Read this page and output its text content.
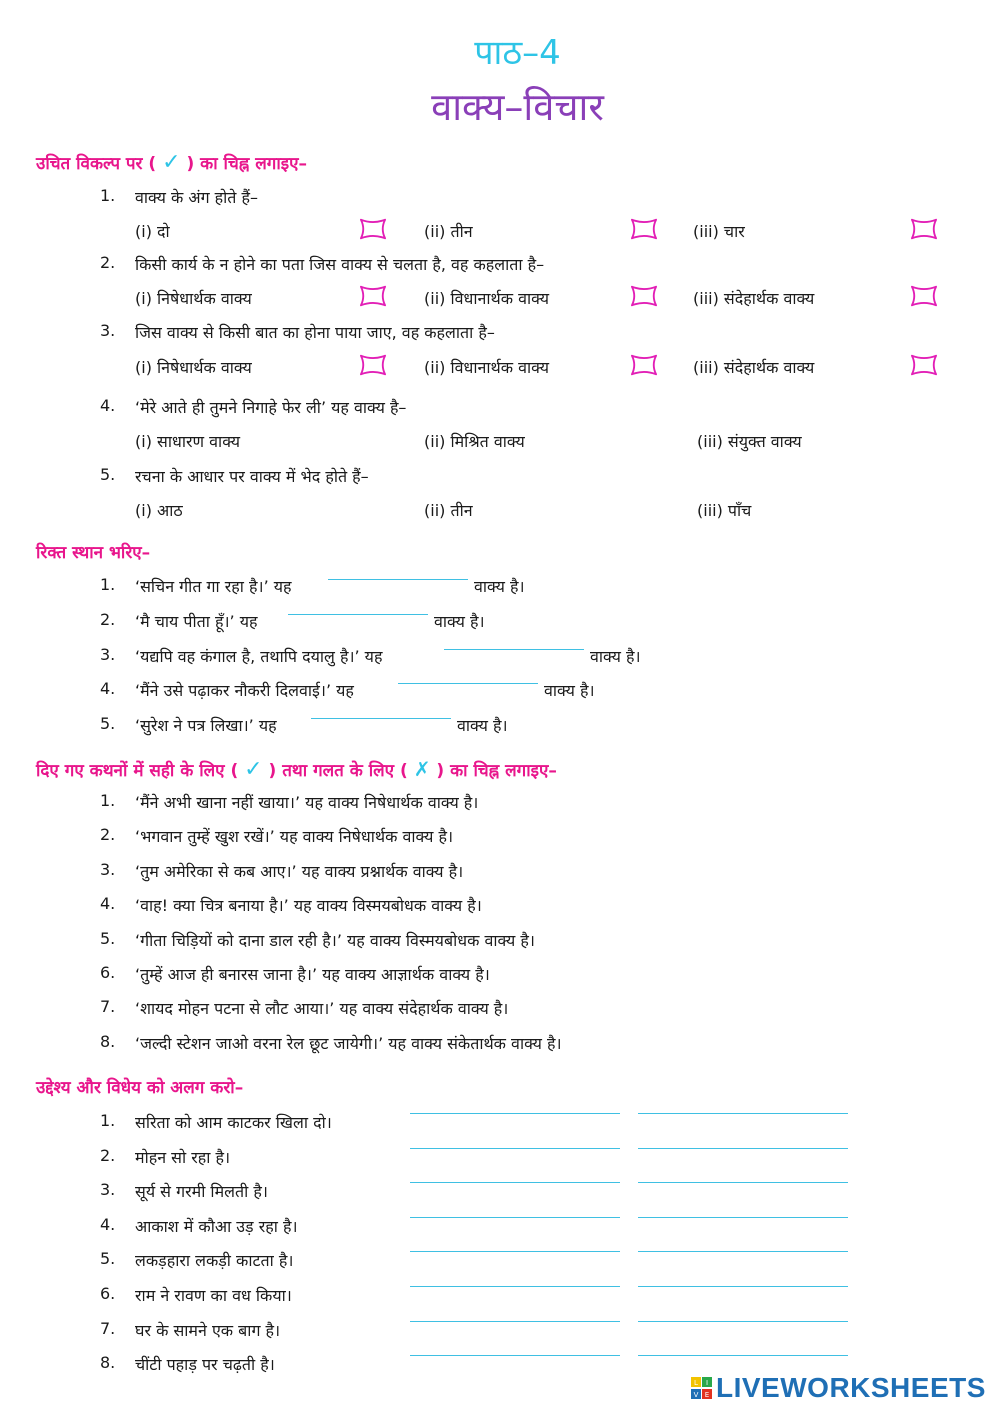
पाठ–4
वाक्य–विचार
उचित विकल्प पर ( ✓ ) का चिह्न लगाइए–
1. वाक्य के अंग होते हैं–
(i) दो	(ii) तीन	(iii) चार
2. किसी कार्य के न होने का पता जिस वाक्य से चलता है, वह कहलाता है–
(i) निषेधार्थक वाक्य	(ii) विधानार्थक वाक्य	(iii) संदेहार्थक वाक्य
3. जिस वाक्य से किसी बात का होना पाया जाए, वह कहलाता है–
(i) निषेधार्थक वाक्य	(ii) विधानार्थक वाक्य	(iii) संदेहार्थक वाक्य
4. ‘मेरे आते ही तुमने निगाहे फेर ली’ यह वाक्य है–
(i) साधारण वाक्य	(ii) मिश्रित वाक्य	(iii) संयुक्त वाक्य
5. रचना के आधार पर वाक्य में भेद होते हैं–
(i) आठ	(ii) तीन	(iii) पाँच
रिक्त स्थान भरिए–
1. ‘सचिन गीत गा रहा है।’ यह	वाक्य है।
2. ‘मै चाय पीता हूँ।’ यह	वाक्य है।
3. ‘यद्यपि वह कंगाल है, तथापि दयालु है।’ यह	वाक्य है।
4. ‘मैंने उसे पढ़ाकर नौकरी दिलवाई।’ यह	वाक्य है।
5. ‘सुरेश ने पत्र लिखा।’ यह	वाक्य है।
दिए गए कथनों में सही के लिए ( ✓ ) तथा गलत के लिए ( ✗ ) का चिह्न लगाइए–
1. ‘मैंने अभी खाना नहीं खाया।’ यह वाक्य निषेधार्थक वाक्य है।
2. ‘भगवान तुम्हें खुश रखें।’ यह वाक्य निषेधार्थक वाक्य है।
3. ‘तुम अमेरिका से कब आए।’ यह वाक्य प्रश्नार्थक वाक्य है।
4. ‘वाह! क्या चित्र बनाया है।’ यह वाक्य विस्मयबोधक वाक्य है।
5. ‘गीता चिड़ियों को दाना डाल रही है।’ यह वाक्य विस्मयबोधक वाक्य है।
6. ‘तुम्हें आज ही बनारस जाना है।’ यह वाक्य आज्ञार्थक वाक्य है।
7. ‘शायद मोहन पटना से लौट आया।’ यह वाक्य संदेहार्थक वाक्य है।
8. ‘जल्दी स्टेशन जाओ वरना रेल छूट जायेगी।’ यह वाक्य संकेतार्थक वाक्य है।
उद्देश्य और विधेय को अलग करो–
1. सरिता को आम काटकर खिला दो।
2. मोहन सो रहा है।
3. सूर्य से गरमी मिलती है।
4. आकाश में कौआ उड़ रहा है।
5. लकड़हारा लकड़ी काटता है।
6. राम ने रावण का वध किया।
7. घर के सामने एक बाग है।
8. चींटी पहाड़ पर चढ़ती है।
L I
V E LIVEWORKSHEETS
